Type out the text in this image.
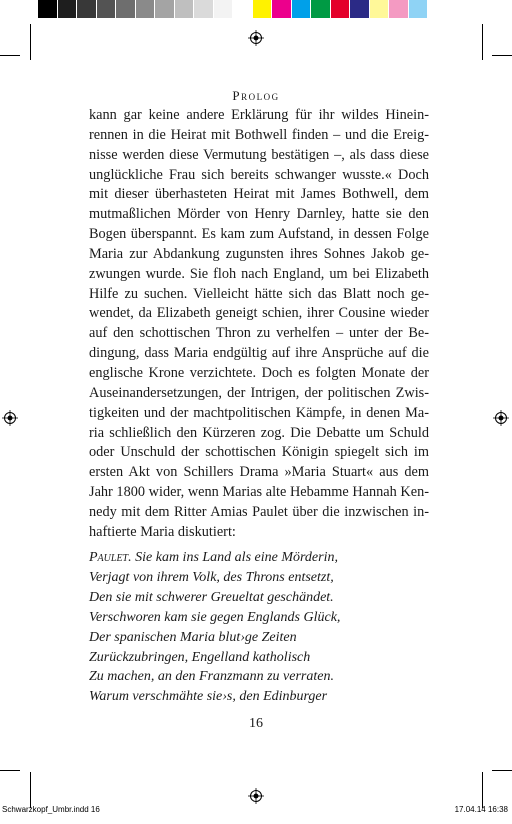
Prolog
kann gar keine andere Erklärung für ihr wildes Hinein-
rennen in die Heirat mit Bothwell finden – und die Ereig-
nisse werden diese Vermutung bestätigen –, als dass diese
unglückliche Frau sich bereits schwanger wusste.« Doch
mit dieser überhasteten Heirat mit James Bothwell, dem
mutmaßlichen Mörder von Henry Darnley, hatte sie den
Bogen überspannt. Es kam zum Aufstand, in dessen Folge
Maria zur Abdankung zugunsten ihres Sohnes Jakob ge-
zwungen wurde. Sie floh nach England, um bei Elizabeth
Hilfe zu suchen. Vielleicht hätte sich das Blatt noch ge-
wendet, da Elizabeth geneigt schien, ihrer Cousine wieder
auf den schottischen Thron zu verhelfen – unter der Be-
dingung, dass Maria endgültig auf ihre Ansprüche auf die
englische Krone verzichtete. Doch es folgten Monate der
Auseinandersetzungen, der Intrigen, der politischen Zwis-
tigkeiten und der machtpolitischen Kämpfe, in denen Ma-
ria schließlich den Kürzeren zog. Die Debatte um Schuld
oder Unschuld der schottischen Königin spiegelt sich im
ersten Akt von Schillers Drama »Maria Stuart« aus dem
Jahr 1800 wider, wenn Marias alte Hebamme Hannah Ken-
nedy mit dem Ritter Amias Paulet über die inzwischen in-
haftierte Maria diskutiert:
Paulet. Sie kam ins Land als eine Mörderin,
Verjagt von ihrem Volk, des Throns entsetzt,
Den sie mit schwerer Greueltat geschändet.
Verschworen kam sie gegen Englands Glück,
Der spanischen Maria blut›ge Zeiten
Zurückzubringen, Engelland katholisch
Zu machen, an den Franzmann zu verraten.
Warum verschmähte sie›s, den Edinburger
16
Schwarzkopf_Umbr.indd 16	17.04.14 16:38
